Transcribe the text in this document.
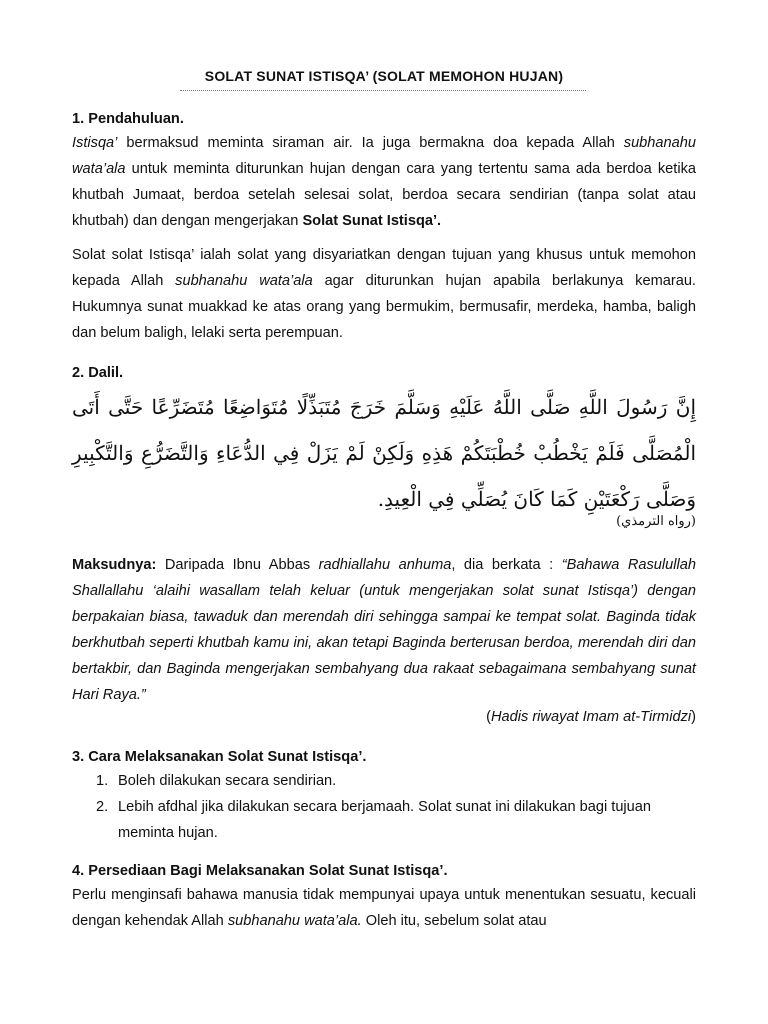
SOLAT SUNAT ISTISQA’ (SOLAT MEMOHON HUJAN)
1. Pendahuluan.
Istisqa’ bermaksud meminta siraman air. Ia juga bermakna doa kepada Allah subhanahu wata’ala untuk meminta diturunkan hujan dengan cara yang tertentu sama ada berdoa ketika khutbah Jumaat, berdoa setelah selesai solat, berdoa secara sendirian (tanpa solat atau khutbah) dan dengan mengerjakan Solat Sunat Istisqa’.
Solat solat Istisqa’ ialah solat yang disyariatkan dengan tujuan yang khusus untuk memohon kepada Allah subhanahu wata’ala agar diturunkan hujan apabila berlakunya kemarau. Hukumnya sunat muakkad ke atas orang yang bermukim, bermusafir, merdeka, hamba, baligh dan belum baligh, lelaki serta perempuan.
2. Dalil.
إِنَّ رَسُولَ اللَّهِ صَلَّى اللَّهُ عَلَيْهِ وَسَلَّمَ خَرَجَ مُتَبَذِّلًا مُتَوَاضِعًا مُتَضَرِّعًا حَتَّى أَتَى الْمُصَلَّى فَلَمْ يَخْطُبْ خُطْبَتَكُمْ هَذِهِ وَلَكِنْ لَمْ يَزَلْ فِي الدُّعَاءِ وَالتَّضَرُّعِ وَالتَّكْبِيرِ وَصَلَّى رَكْعَتَيْنِ كَمَا كَانَ يُصَلِّي فِي الْعِيدِ.
(رواه الترمذي)
Maksudnya: Daripada Ibnu Abbas radhiallahu anhuma, dia berkata : “Bahawa Rasulullah Shallallahu ‘alaihi wasallam telah keluar (untuk mengerjakan solat sunat Istisqa’) dengan berpakaian biasa, tawaduk dan merendah diri sehingga sampai ke tempat solat. Baginda tidak berkhutbah seperti khutbah kamu ini, akan tetapi Baginda berterusan berdoa, merendah diri dan bertakbir, dan Baginda mengerjakan sembahyang dua rakaat sebagaimana sembahyang sunat Hari Raya.”
(Hadis riwayat Imam at-Tirmidzi)
3. Cara Melaksanakan Solat Sunat Istisqa’.
1. Boleh dilakukan secara sendirian.
2. Lebih afdhal jika dilakukan secara berjamaah. Solat sunat ini dilakukan bagi tujuan meminta hujan.
4. Persediaan Bagi Melaksanakan Solat Sunat Istisqa’.
Perlu menginsafi bahawa manusia tidak mempunyai upaya untuk menentukan sesuatu, kecuali dengan kehendak Allah subhanahu wata’ala. Oleh itu, sebelum solat atau
